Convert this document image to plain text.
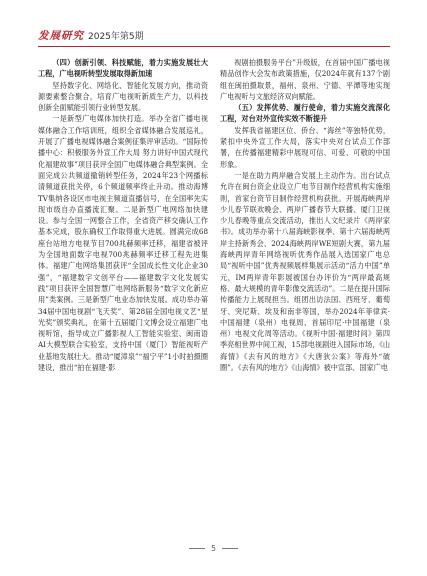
发展研究 2025年第5期

（四）创新引领、科技赋能，着力实施发展壮大工程，广电视听转型发展取得新加速

坚持数字化、网络化、智能化发展方向，推动资源要素整合聚合，培育广电视听新质生产力，以科技创新全面赋能引领行业转型发展。

一是新型广电媒体加快打造。举办全省广播电视媒体融合工作培训班，组织全省媒体融合发展巡礼，开展了广播电视媒体融合案例征集评审活动。“国际传播中心：积极服务外宣工作大局 努力讲好中国式现代化福建故事”项目获评全国广电媒体融合典型案例。全面完成公共频道撤销转型任务，2024年23个网播标清频道获批关停，6个频道频率终止升动。推动海博TV集纳各设区市电视主频道直播信号，在全国率先实现市级自办直播流汇聚。二是新型广电网络加快建设。参与全国一网整合工作，全省资产移交确认工作基本完成，股东确权工作取得重大进展。圆满完成68座台站地方电视节目700兆赫频率迁移，福建省被评为全国地面数字电视700兆赫频率迁移工程先进集体。福建广电网络集团获评“全国成长性文化企业30强”，“福建数字文创平台——福建数字文化发展实践”项目获评全国智慧广电网络新服务“数字文化新应用”类案例。三是新型广电业态加快发展。成功举办第34届中国电视剧“飞天奖”、第28届全国电视文艺“星光奖”颁奖典礼，在第十五届厦门文博会设立福建广电视听馆，指导成立广播影视人工智能实验室、闽南语AI大模型联合实验室，支持中国（厦门）智能视听产业基地发展壮大。推动“厦漳泉”“福宁平”1小时拍摄圈建设，推出“拍在福建·影

视剧拍摄服务平台”升级版，在首届中国广播电视精品创作大会发布政策措施，仅2024年就有137个剧组在闽拍摄取景，福州、泉州、宁德、平潭等地实现广电视听与文旅经济双向赋能。

（五）发挥优势、履行使命，着力实施交流深化工程，对台对外宣传实效不断提升

发挥我省福建区位、侨台、“海丝”等独特优势，紧扣中央外宣工作大局，落实中央对台试点工作部署，在传播福建精彩中展现可信、可爱、可敬的中国形象。

一是在助力两岸融合发展上主动作为。出台试点允许在闽台资企业设立广电节目制作经营机构实施细则，首家台资节目制作经营机构获批。开展海峡两岸少儿春节联欢晚会、两岸广播春节大联播、厦门卫视少儿春晚等重点交流活动，推出人文纪录片《两岸家书》。成功举办第十八届海峡影视季、第十六届海峡两岸主持新秀会、2024海峡两岸WE短剧大赛，第九届海峡两岸青年网络视听优秀作品展入选国家广电总局“视听中国”优秀视频展样集展示活动“活力中国”单元，IM两岸青年影展被国台办评价为“两岸最高规格、最大规模的青年影像交流活动”。二是在提升国际传播能力上展现担当。组团出访法国、西班牙、葡萄牙、突尼斯、埃及和南非等国，举办2024年菲律宾·中国福建（泉州）电视周、首届印尼·中国福建（泉州）电视文化周等活动。《视听中国·福建时间》第四季亮相世界中间工视，15部电视剧进入国际市场，《山海情》《去有风的地方》《大唐狄公案》等海外“破圈”。《去有风的地方》《山海情》被中宣部、国家广电

5
